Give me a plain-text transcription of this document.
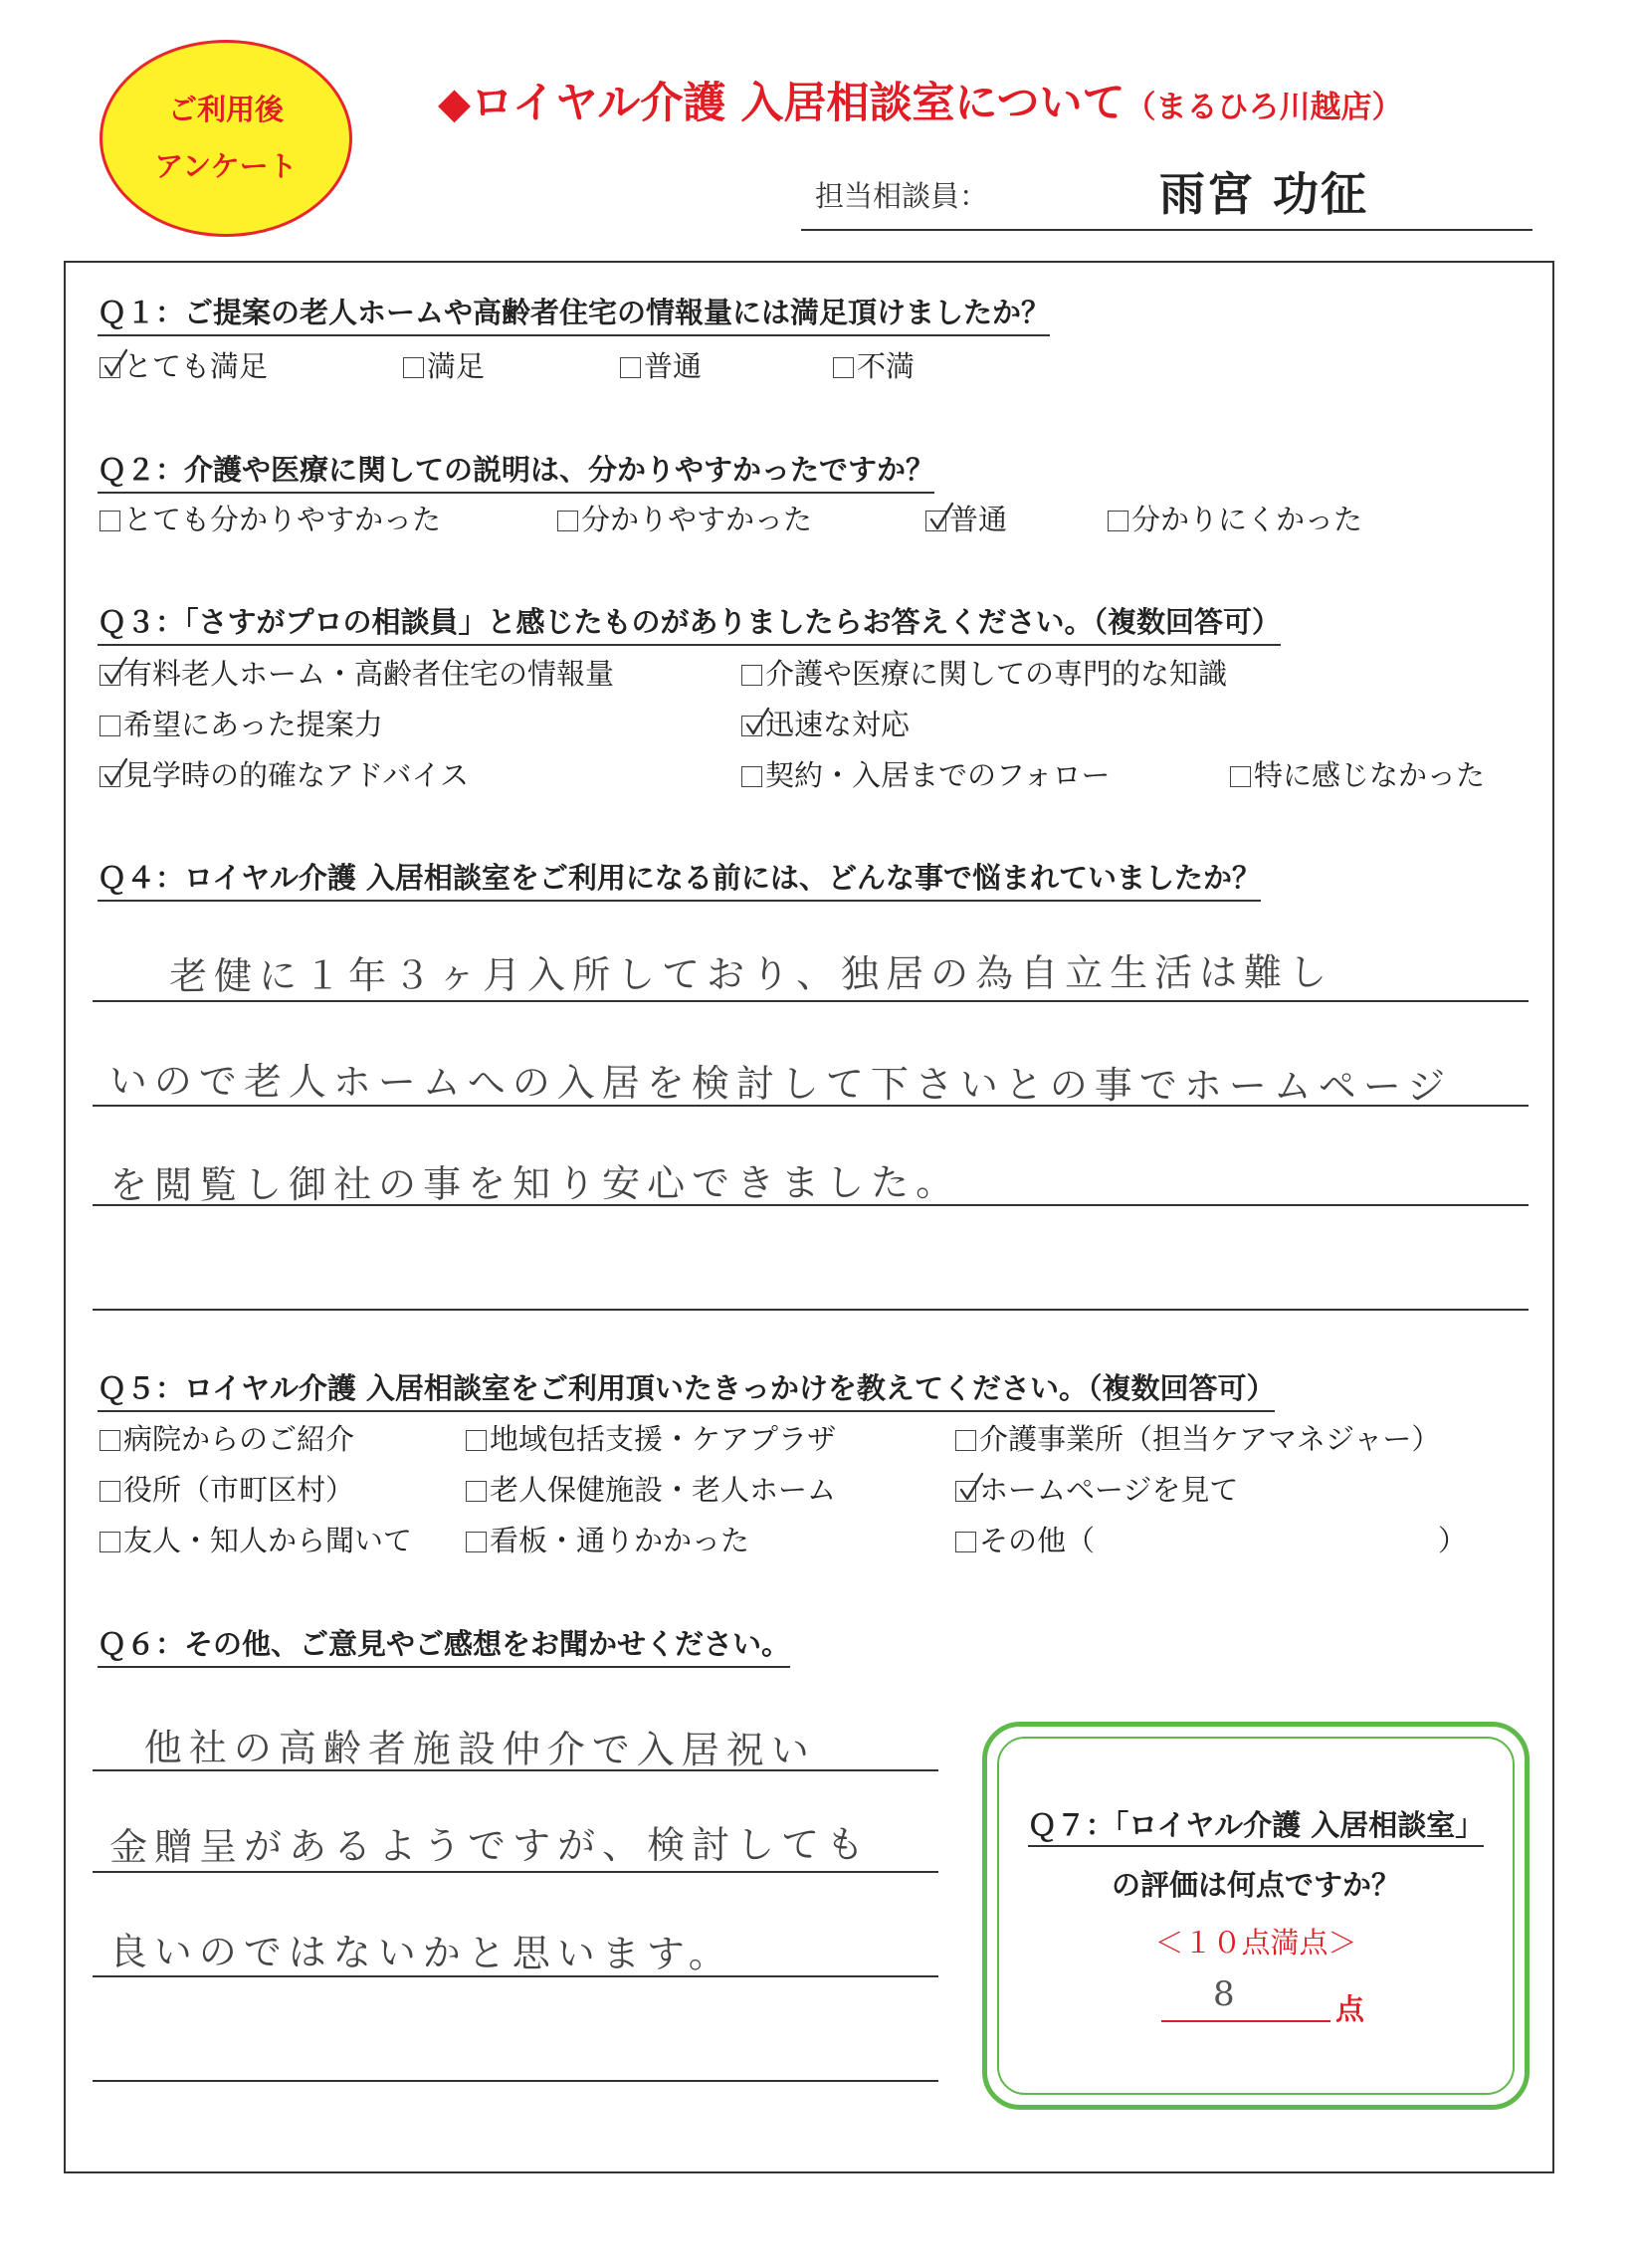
ご利用後
アンケート
◆ロイヤル介護 入居相談室について（まるひろ川越店）
担当相談員：	雨宮 功征
Ｑ１：ご提案の老人ホームや高齢者住宅の情報量には満足頂けましたか？
とても満足	満足	普通	不満
Ｑ２：介護や医療に関しての説明は、分かりやすかったですか？
とても分かりやすかった	分かりやすかった	普通	分かりにくかった
Ｑ３：「さすがプロの相談員」と感じたものがありましたらお答えください。（複数回答可）
有料老人ホーム・高齢者住宅の情報量	介護や医療に関しての専門的な知識
希望にあった提案力	迅速な対応
見学時の的確なアドバイス	契約・入居までのフォロー	特に感じなかった
Ｑ４：ロイヤル介護 入居相談室をご利用になる前には、どんな事で悩まれていましたか？
老健に１年３ヶ月入所しており、独居の為自立生活は難し
いので老人ホームへの入居を検討して下さいとの事でホームページ
を閲覧し御社の事を知り安心できました。
Ｑ５：ロイヤル介護 入居相談室をご利用頂いたきっかけを教えてください。（複数回答可）
病院からのご紹介	地域包括支援・ケアプラザ	介護事業所（担当ケアマネジャー）
役所（市町区村）	老人保健施設・老人ホーム	ホームページを見て
友人・知人から聞いて	看板・通りかかった	その他（	）
Ｑ６：その他、ご意見やご感想をお聞かせください。
他社の高齢者施設仲介で入居祝い
金贈呈があるようですが、検討しても
良いのではないかと思います。
Ｑ７：「ロイヤル介護 入居相談室」
の評価は何点ですか？
＜１０点満点＞
8	点
